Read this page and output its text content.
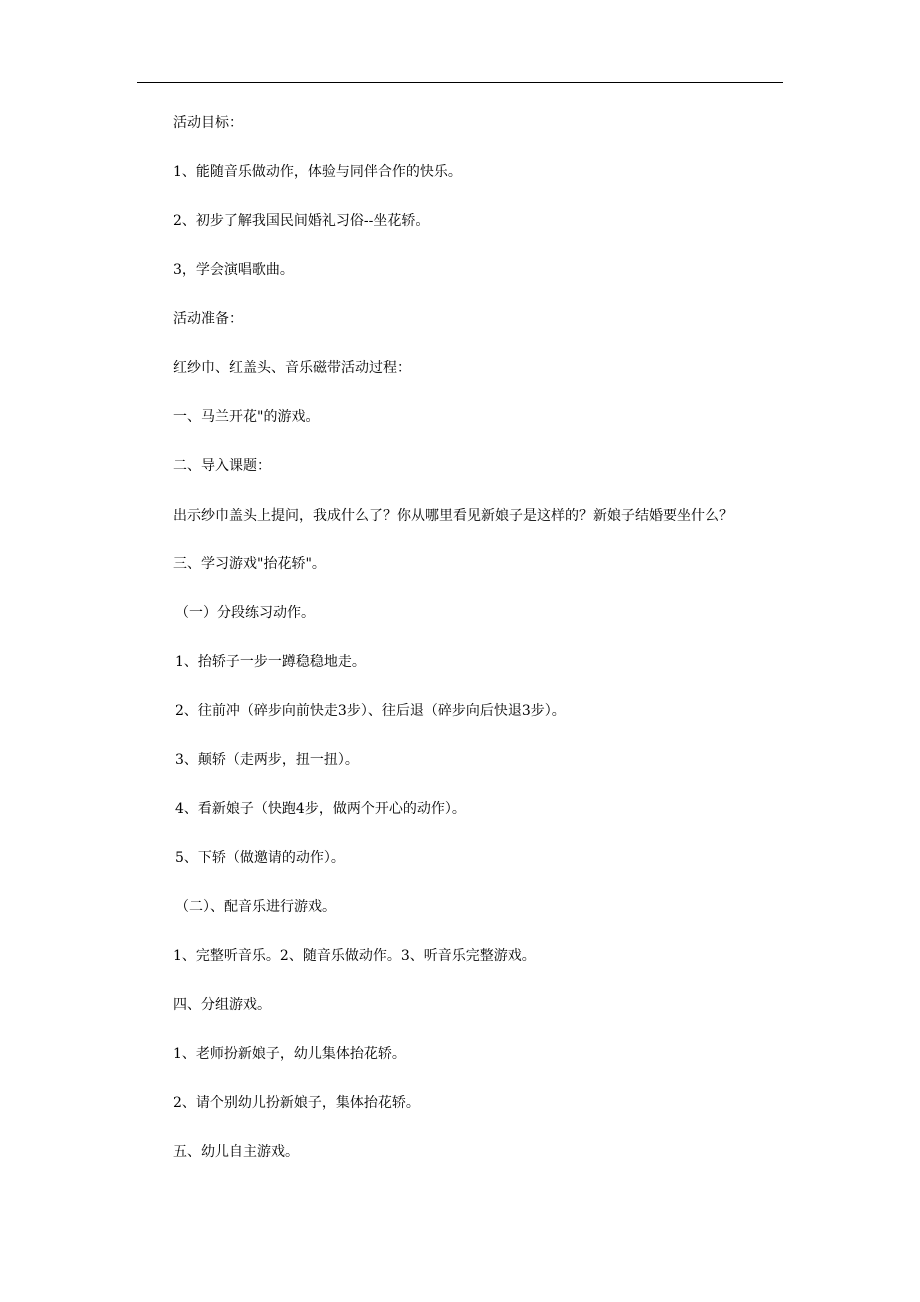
活动目标：

1、能随音乐做动作，体验与同伴合作的快乐。

2、初步了解我国民间婚礼习俗--坐花轿。

3，学会演唱歌曲。

活动准备：

红纱巾、红盖头、音乐磁带活动过程：

一、马兰开花"的游戏。

二、导入课题：

出示纱巾盖头上提问，我成什么了？你从哪里看见新娘子是这样的？新娘子结婚要坐什么？

三、学习游戏"抬花轿"。

（一）分段练习动作。

1、抬轿子一步一蹲稳稳地走。

2、往前冲（碎步向前快走3步）、往后退（碎步向后快退3步）。

3、颠轿（走两步，扭一扭）。

4、看新娘子（快跑4步，做两个开心的动作）。

5、下轿（做邀请的动作）。

（二）、配音乐进行游戏。

1、完整听音乐。2、随音乐做动作。3、听音乐完整游戏。

四、分组游戏。

1、老师扮新娘子，幼儿集体抬花轿。

2、请个别幼儿扮新娘子，集体抬花轿。

五、幼儿自主游戏。
